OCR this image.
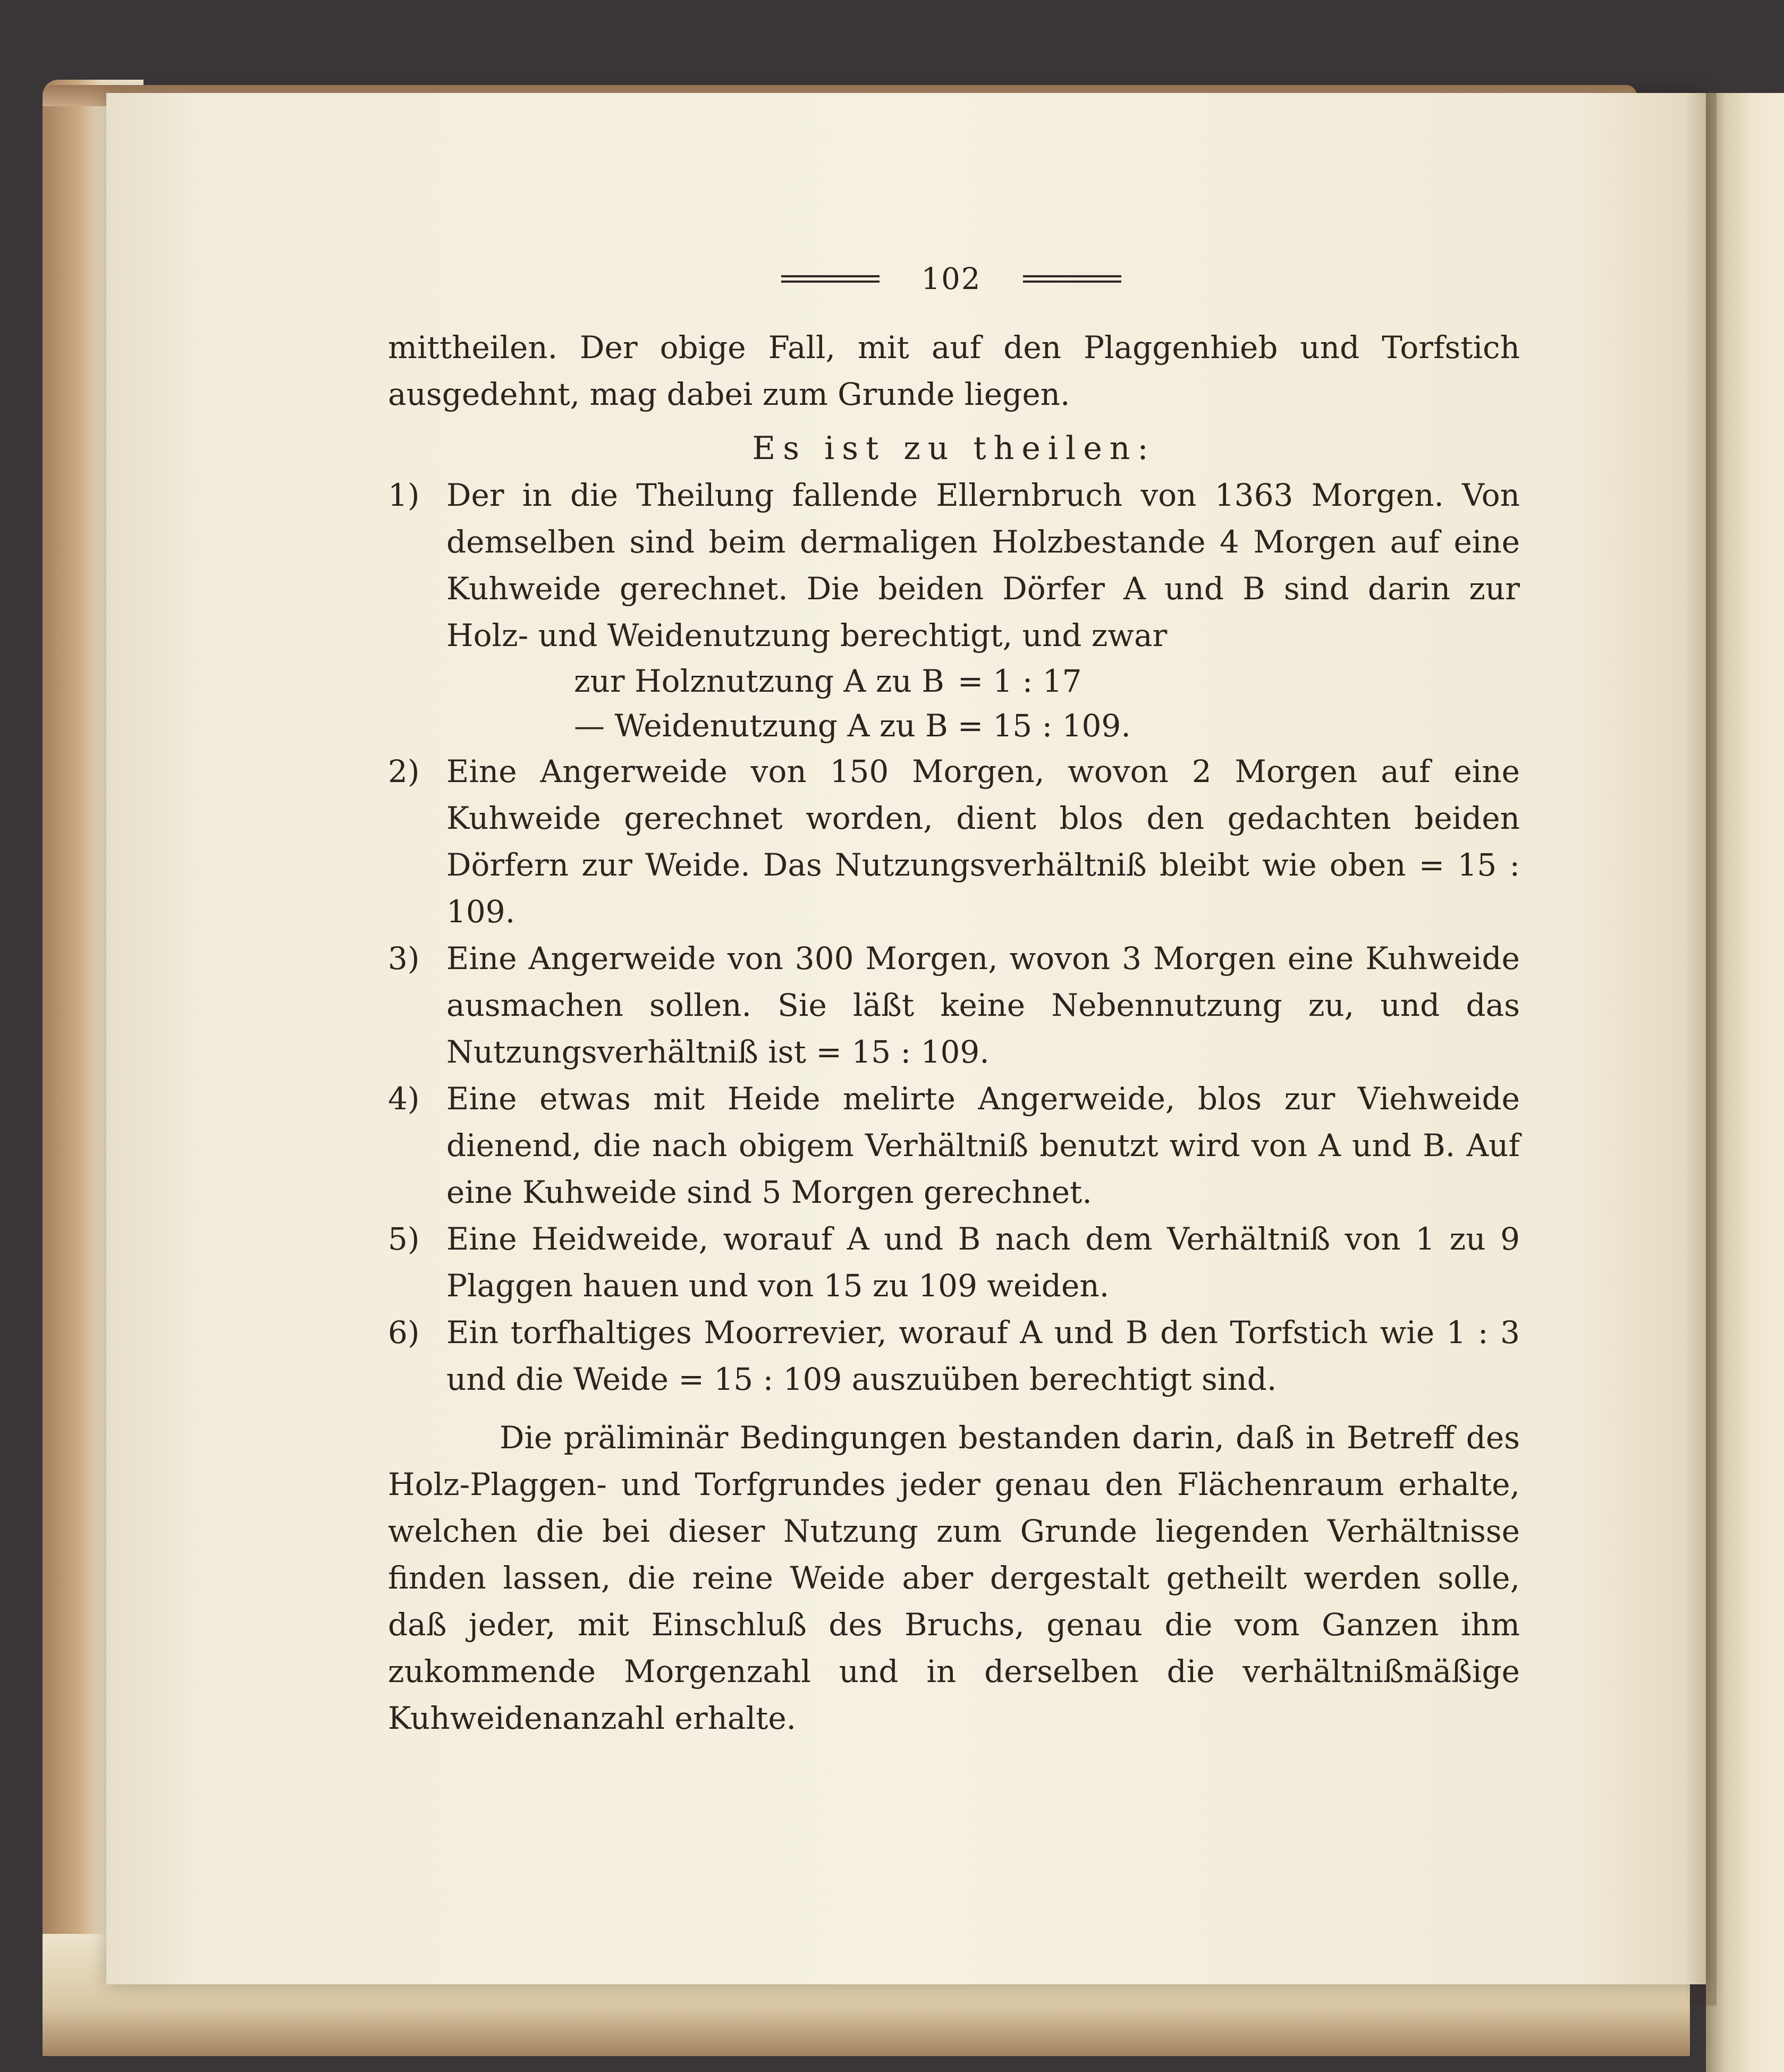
102

mittheilen. Der obige Fall, mit auf den Plaggenhieb und Torfstich ausgedehnt, mag dabei zum Grunde liegen.

Es ist zu theilen:

1) Der in die Theilung fallende Ellernbruch von 1363 Morgen. Von demselben sind beim dermaligen Holzbestande 4 Morgen auf eine Kuhweide gerechnet. Die beiden Dörfer A und B sind darin zur Holz- und Weidenutzung berechtigt, und zwar
zur Holznutzung A zu B	=	1 : 17
— Weidenutzung A zu B	=	15 : 109.
2) Eine Angerweide von 150 Morgen, wovon 2 Morgen auf eine Kuhweide gerechnet worden, dient blos den gedachten beiden Dörfern zur Weide. Das Nutzungsverhältniß bleibt wie oben = 15 : 109.
3) Eine Angerweide von 300 Morgen, wovon 3 Morgen eine Kuhweide ausmachen sollen. Sie läßt keine Nebennutzung zu, und das Nutzungsverhältniß ist = 15 : 109.
4) Eine etwas mit Heide melirte Angerweide, blos zur Viehweide dienend, die nach obigem Verhältniß benutzt wird von A und B. Auf eine Kuhweide sind 5 Morgen gerechnet.
5) Eine Heidweide, worauf A und B nach dem Verhältniß von 1 zu 9 Plaggen hauen und von 15 zu 109 weiden.
6) Ein torfhaltiges Moorrevier, worauf A und B den Torfstich wie 1 : 3 und die Weide = 15 : 109 auszuüben berechtigt sind.

Die präliminär Bedingungen bestanden darin, daß in Betreff des Holz-Plaggen- und Torfgrundes jeder genau den Flächenraum erhalte, welchen die bei dieser Nutzung zum Grunde liegenden Verhältnisse finden lassen, die reine Weide aber dergestalt getheilt werden solle, daß jeder, mit Einschluß des Bruchs, genau die vom Ganzen ihm zukommende Morgenzahl und in derselben die verhältnißmäßige Kuhweidenanzahl erhalte.
